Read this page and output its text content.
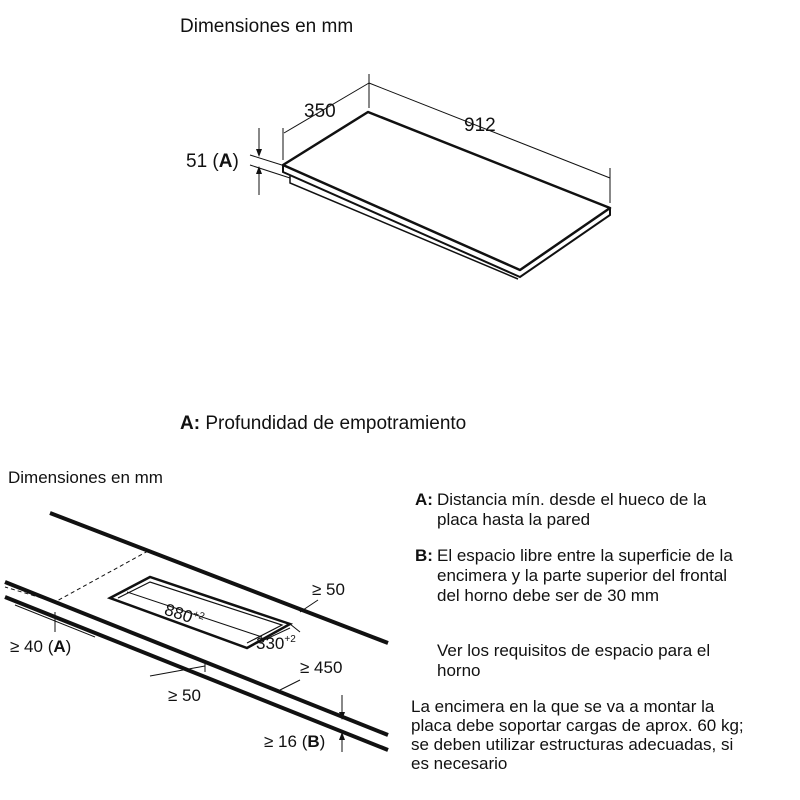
Dimensiones en mm
350
912
51 (A)
A: Profundidad de empotramiento
Dimensiones en mm
$880^{+2}$
$330^{+2}$
≥ 50
≥ 40 (A)
≥ 450
≥ 50
≥ 16 (B)
A: Distancia mín. desde el hueco de la
placa hasta la pared
B: El espacio libre entre la superficie de la
encimera y la parte superior del frontal
del horno debe ser de 30 mm
Ver los requisitos de espacio para el
horno
La encimera en la que se va a montar la
placa debe soportar cargas de aprox. 60 kg;
se deben utilizar estructuras adecuadas, si
es necesario
